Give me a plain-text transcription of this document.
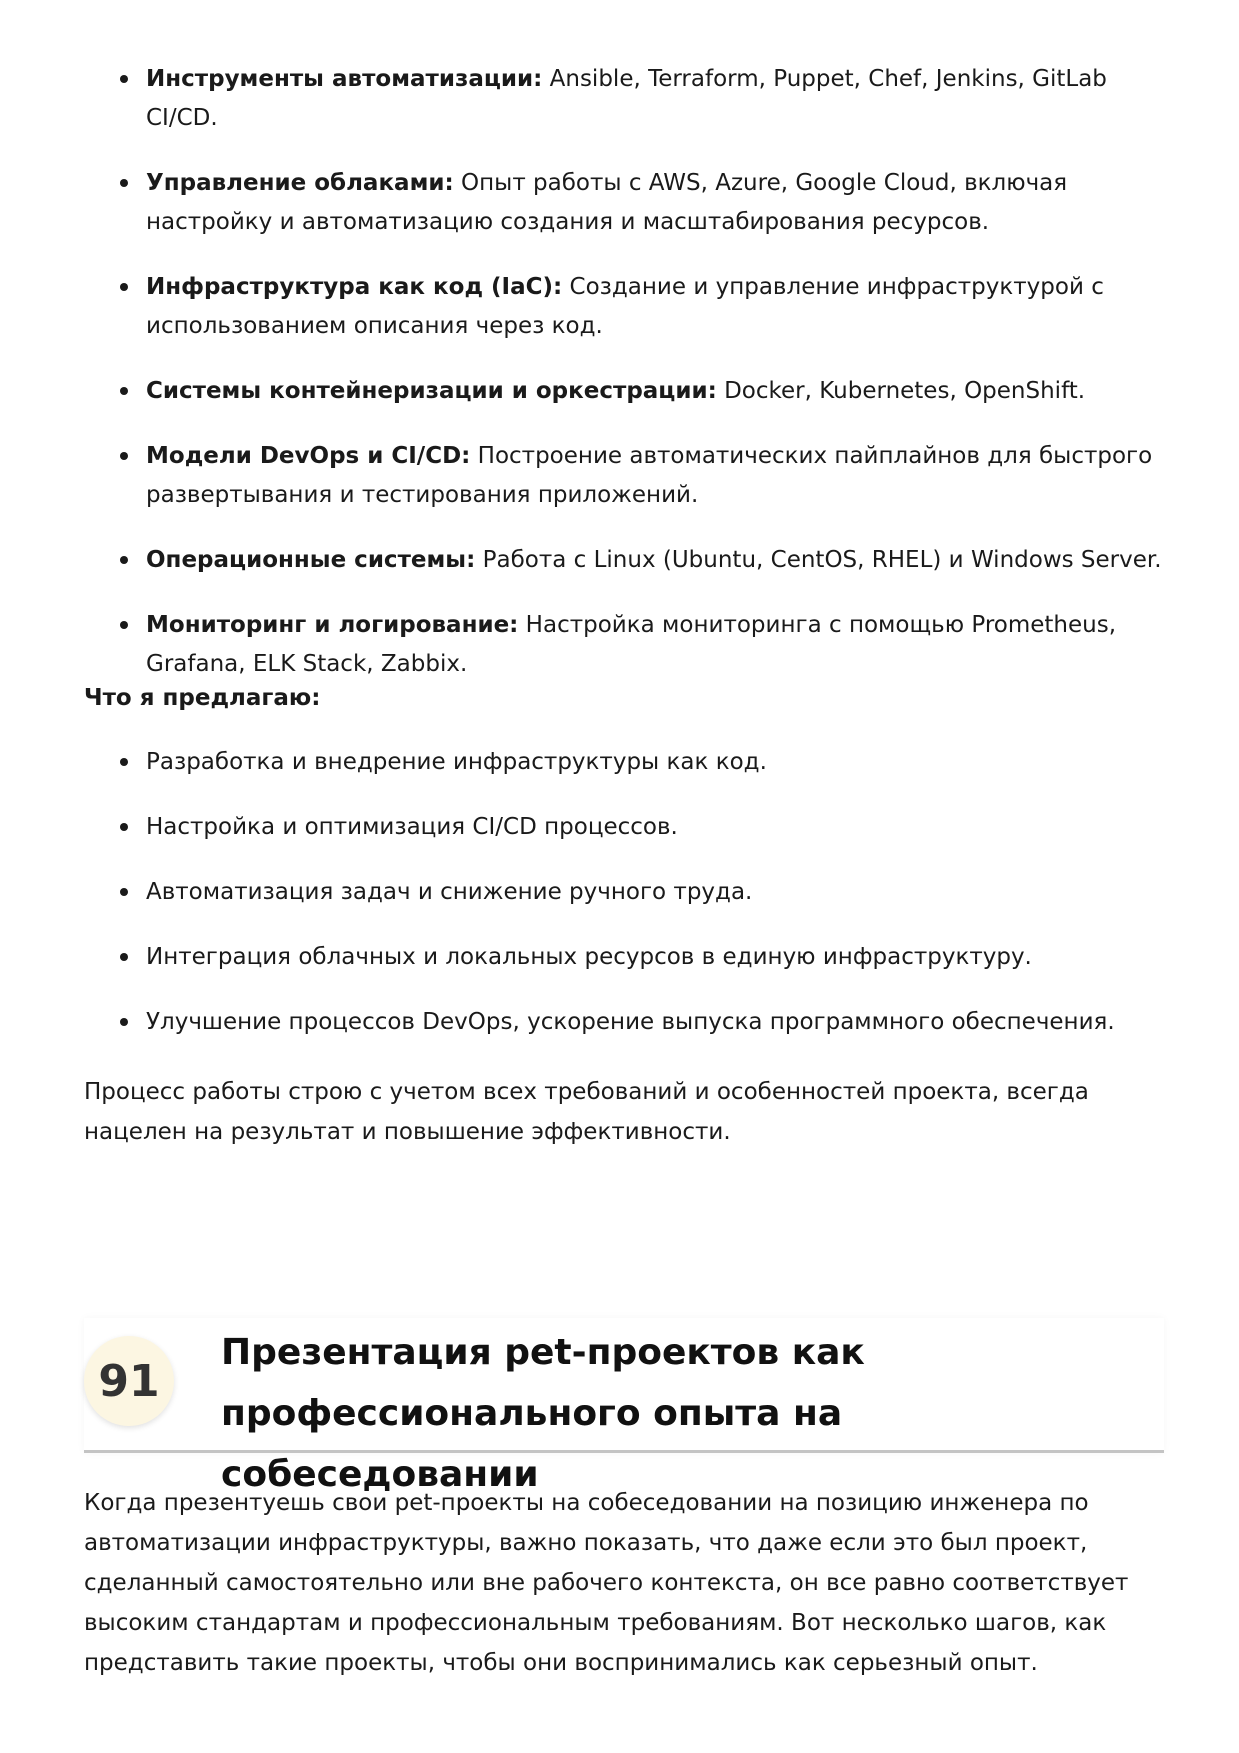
Инструменты автоматизации: Ansible, Terraform, Puppet, Chef, Jenkins, GitLab CI/CD.
Управление облаками: Опыт работы с AWS, Azure, Google Cloud, включая настройку и автоматизацию создания и масштабирования ресурсов.
Инфраструктура как код (IaC): Создание и управление инфраструктурой с использованием описания через код.
Системы контейнеризации и оркестрации: Docker, Kubernetes, OpenShift.
Модели DevOps и CI/CD: Построение автоматических пайплайнов для быстрого развертывания и тестирования приложений.
Операционные системы: Работа с Linux (Ubuntu, CentOS, RHEL) и Windows Server.
Мониторинг и логирование: Настройка мониторинга с помощью Prometheus, Grafana, ELK Stack, Zabbix.
Что я предлагаю:
Разработка и внедрение инфраструктуры как код.
Настройка и оптимизация CI/CD процессов.
Автоматизация задач и снижение ручного труда.
Интеграция облачных и локальных ресурсов в единую инфраструктуру.
Улучшение процессов DevOps, ускорение выпуска программного обеспечения.

Процесс работы строю с учетом всех требований и особенностей проекта, всегда нацелен на результат и повышение эффективности.

91
Презентация pet-проектов как профессионального опыта на собеседовании

Когда презентуешь свои pet-проекты на собеседовании на позицию инженера по автоматизации инфраструктуры, важно показать, что даже если это был проект, сделанный самостоятельно или вне рабочего контекста, он все равно соответствует высоким стандартам и профессиональным требованиям. Вот несколько шагов, как представить такие проекты, чтобы они воспринимались как серьезный опыт.
